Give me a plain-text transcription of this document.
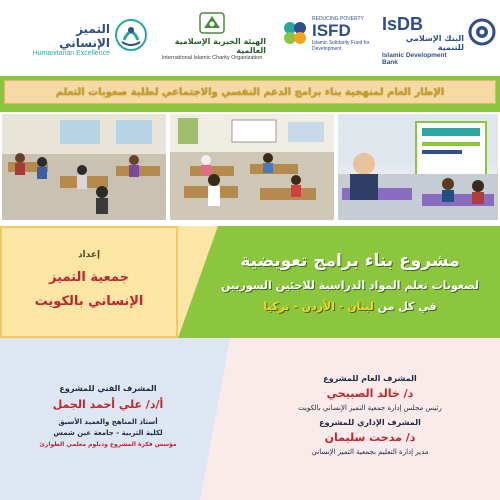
التميز الإنساني
Humanitarian Excellence
الهيئة الخيرية الإسلامية العالمية
International Islamic Charity Organization
REDUCING POVERTY
ISFD
Islamic Solidarity Fund for Development
IsDB
البنك الإسلامي للتنمية
Islamic Development Bank
الإطار العام لمنهجية بناء برامج الدعم النفسي والاجتماعي لطلبة صعوبات التعلم
إعداد
جمعية التميز
الإنساني بالكويت
مشروع بناء برامج تعويضية
لصعوبات تعلم المواد الدراسية للاجئين السوريين
في كل من لبنان - الأردن - تركيا
المشرف الفني للمشروع
أ/د/ علي أحمد الجمل
أستاذ المناهج والعميد الأسبق
لكلية التربية - جامعة عين شمس
مؤسس فكرة المشروع ودبلوم معلمي الطوارئ
المشرف العام للمشروع
د/ خالد الصبيحي
رئيس مجلس إدارة جمعية التميز الإنساني بالكويت
المشرف الإداري للمشروع
د/ مدحت سليمان
مدير إدارة التعليم بجمعية التميز الإنساني
